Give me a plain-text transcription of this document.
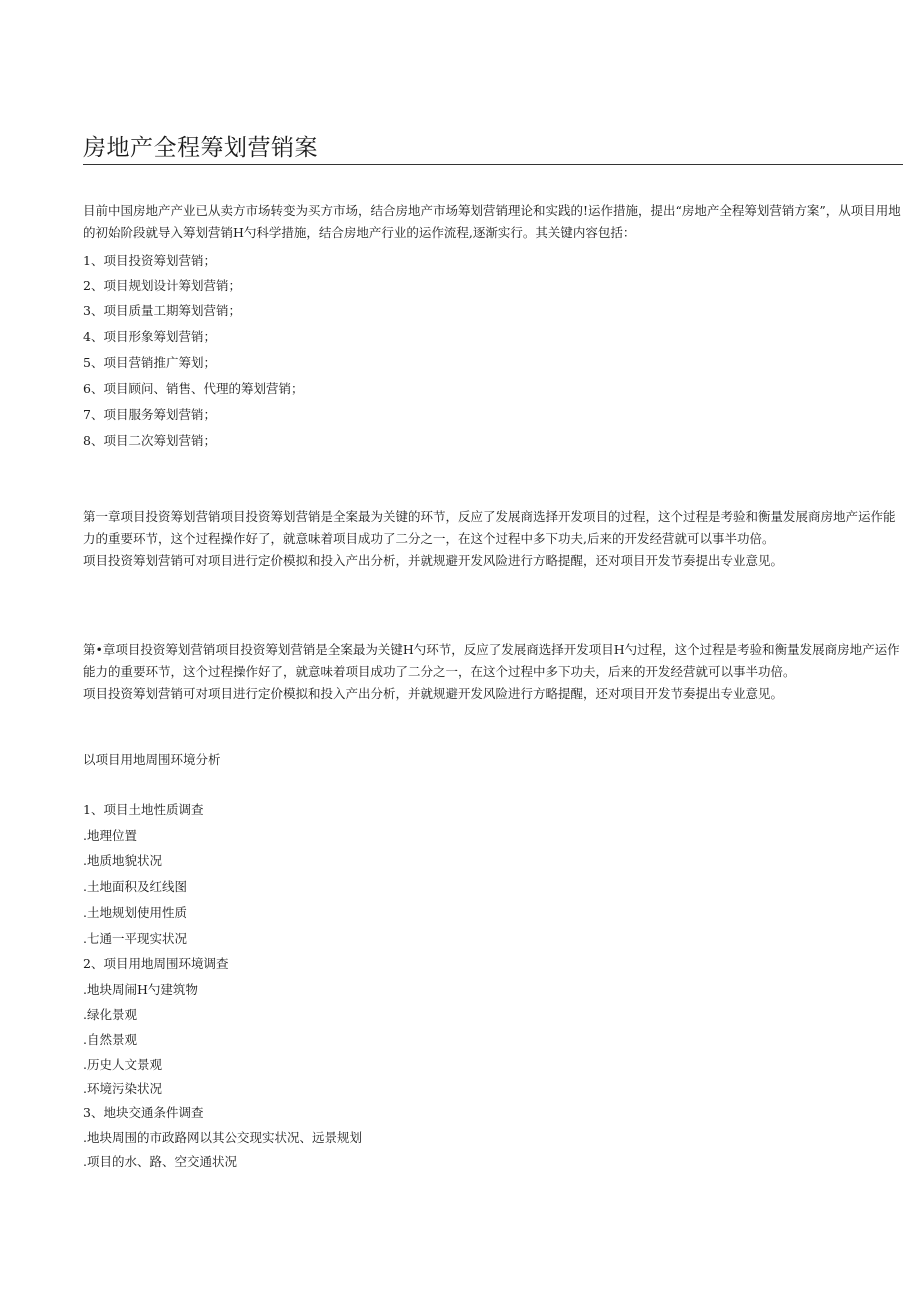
房地产全程筹划营销案

目前中国房地产产业已从卖方市场转变为买方市场，结合房地产市场筹划营销理论和实践的!运作措施，提出“房地产全程筹划营销方案”，从项目用地的初始阶段就导入筹划营销H勺科学措施，结合房地产行业的运作流程,逐渐实行。其关键内容包括：

1、项目投资筹划营销；
2、项目规划设计筹划营销；
3、项目质量工期筹划营销；
4、项目形象筹划营销；
5、项目营销推广筹划；
6、项目顾问、销售、代理的筹划营销；
7、项目服务筹划营销；
8、项目二次筹划营销；

第一章项目投资筹划营销项目投资筹划营销是全案最为关键的环节，反应了发展商选择开发项目的过程，这个过程是考验和衡量发展商房地产运作能力的重要环节，这个过程操作好了，就意味着项目成功了二分之一，在这个过程中多下功夫,后来的开发经营就可以事半功倍。

项目投资筹划营销可对项目进行定价模拟和投入产出分析，并就规避开发风险进行方略提醒，还对项目开发节奏提出专业意见。

第•章项目投资筹划营销项目投资筹划营销是全案最为关键H勺环节，反应了发展商选择开发项目H勺过程，这个过程是考验和衡量发展商房地产运作能力的重要环节，这个过程操作好了，就意味着项目成功了二分之一，在这个过程中多下功夫，后来的开发经营就可以事半功倍。

项目投资筹划营销可对项目进行定价模拟和投入产出分析，并就规避开发风险进行方略提醒，还对项目开发节奏提出专业意见。

以项目用地周围环境分析
1、项目土地性质调查
.地理位置
.地质地貌状况
.土地面积及红线图
.土地规划使用性质
.七通一平现实状况
2、项目用地周围环境调查
.地块周闹H勺建筑物
.绿化景观
.自然景观
.历史人文景观
.环境污染状况
3、地块交通条件调查
.地块周围的市政路网以其公交现实状况、远景规划
.项目的水、路、空交通状况
